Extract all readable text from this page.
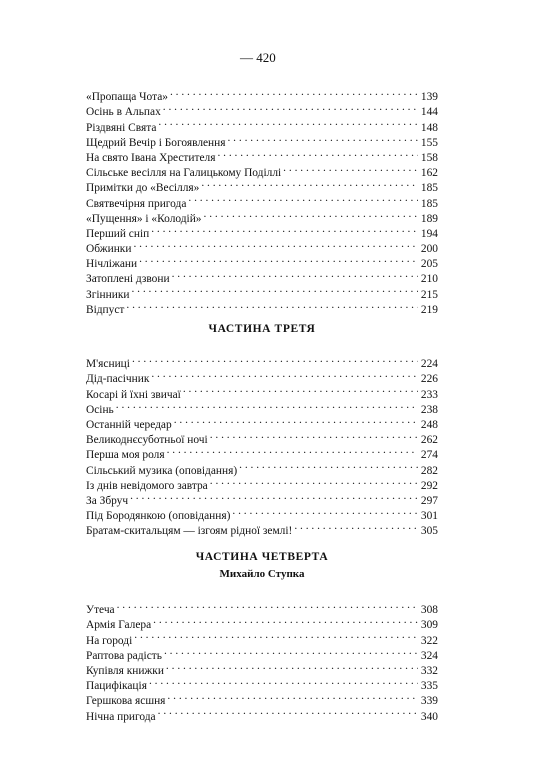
— 420
«Пропаща Чота» . . .	139
Осінь в Альпах . . .	144
Різдвяні Свята . . .	148
Щедрий Вечір і Богоявлення . . .	155
На свято Івана Хрестителя . . .	158
Сільське весілля на Галицькому Поділлі . . .	162
Примітки до «Весілля» . . .	185
Святвечірня пригода . . .	185
«Пущення» і «Колодій» . . .	189
Перший сніп . . .	194
Обжинки . . .	200
Нічліжани . . .	205
Затоплені дзвони . . .	210
Згінники . . .	215
Відпуст . . .	219
ЧАСТИНА ТРЕТЯ
М'ясниці . . .	224
Дід-пасічник . . .	226
Косарі й їхні звичаї . . .	233
Осінь . . .	238
Останній чередар . . .	248
Великоднєсуботньої ночі . . .	262
Перша моя роля . . .	274
Сільський музика (оповідання) . . .	282
Із днів невідомого завтра . . .	292
За Збруч . . .	297
Під Бородянкою (оповідання) . . .	301
Братам-скитальцям — ізгоям рідної землі! . . .	305
ЧАСТИНА ЧЕТВЕРТА
Михайло Ступка
Утеча . . .	308
Армія Галера . . .	309
На городі . . .	322
Раптова радість . . .	324
Купівля книжки . . .	332
Пацифікація . . .	335
Гершкова ясшня . . .	339
Нічна пригода . . .	340
